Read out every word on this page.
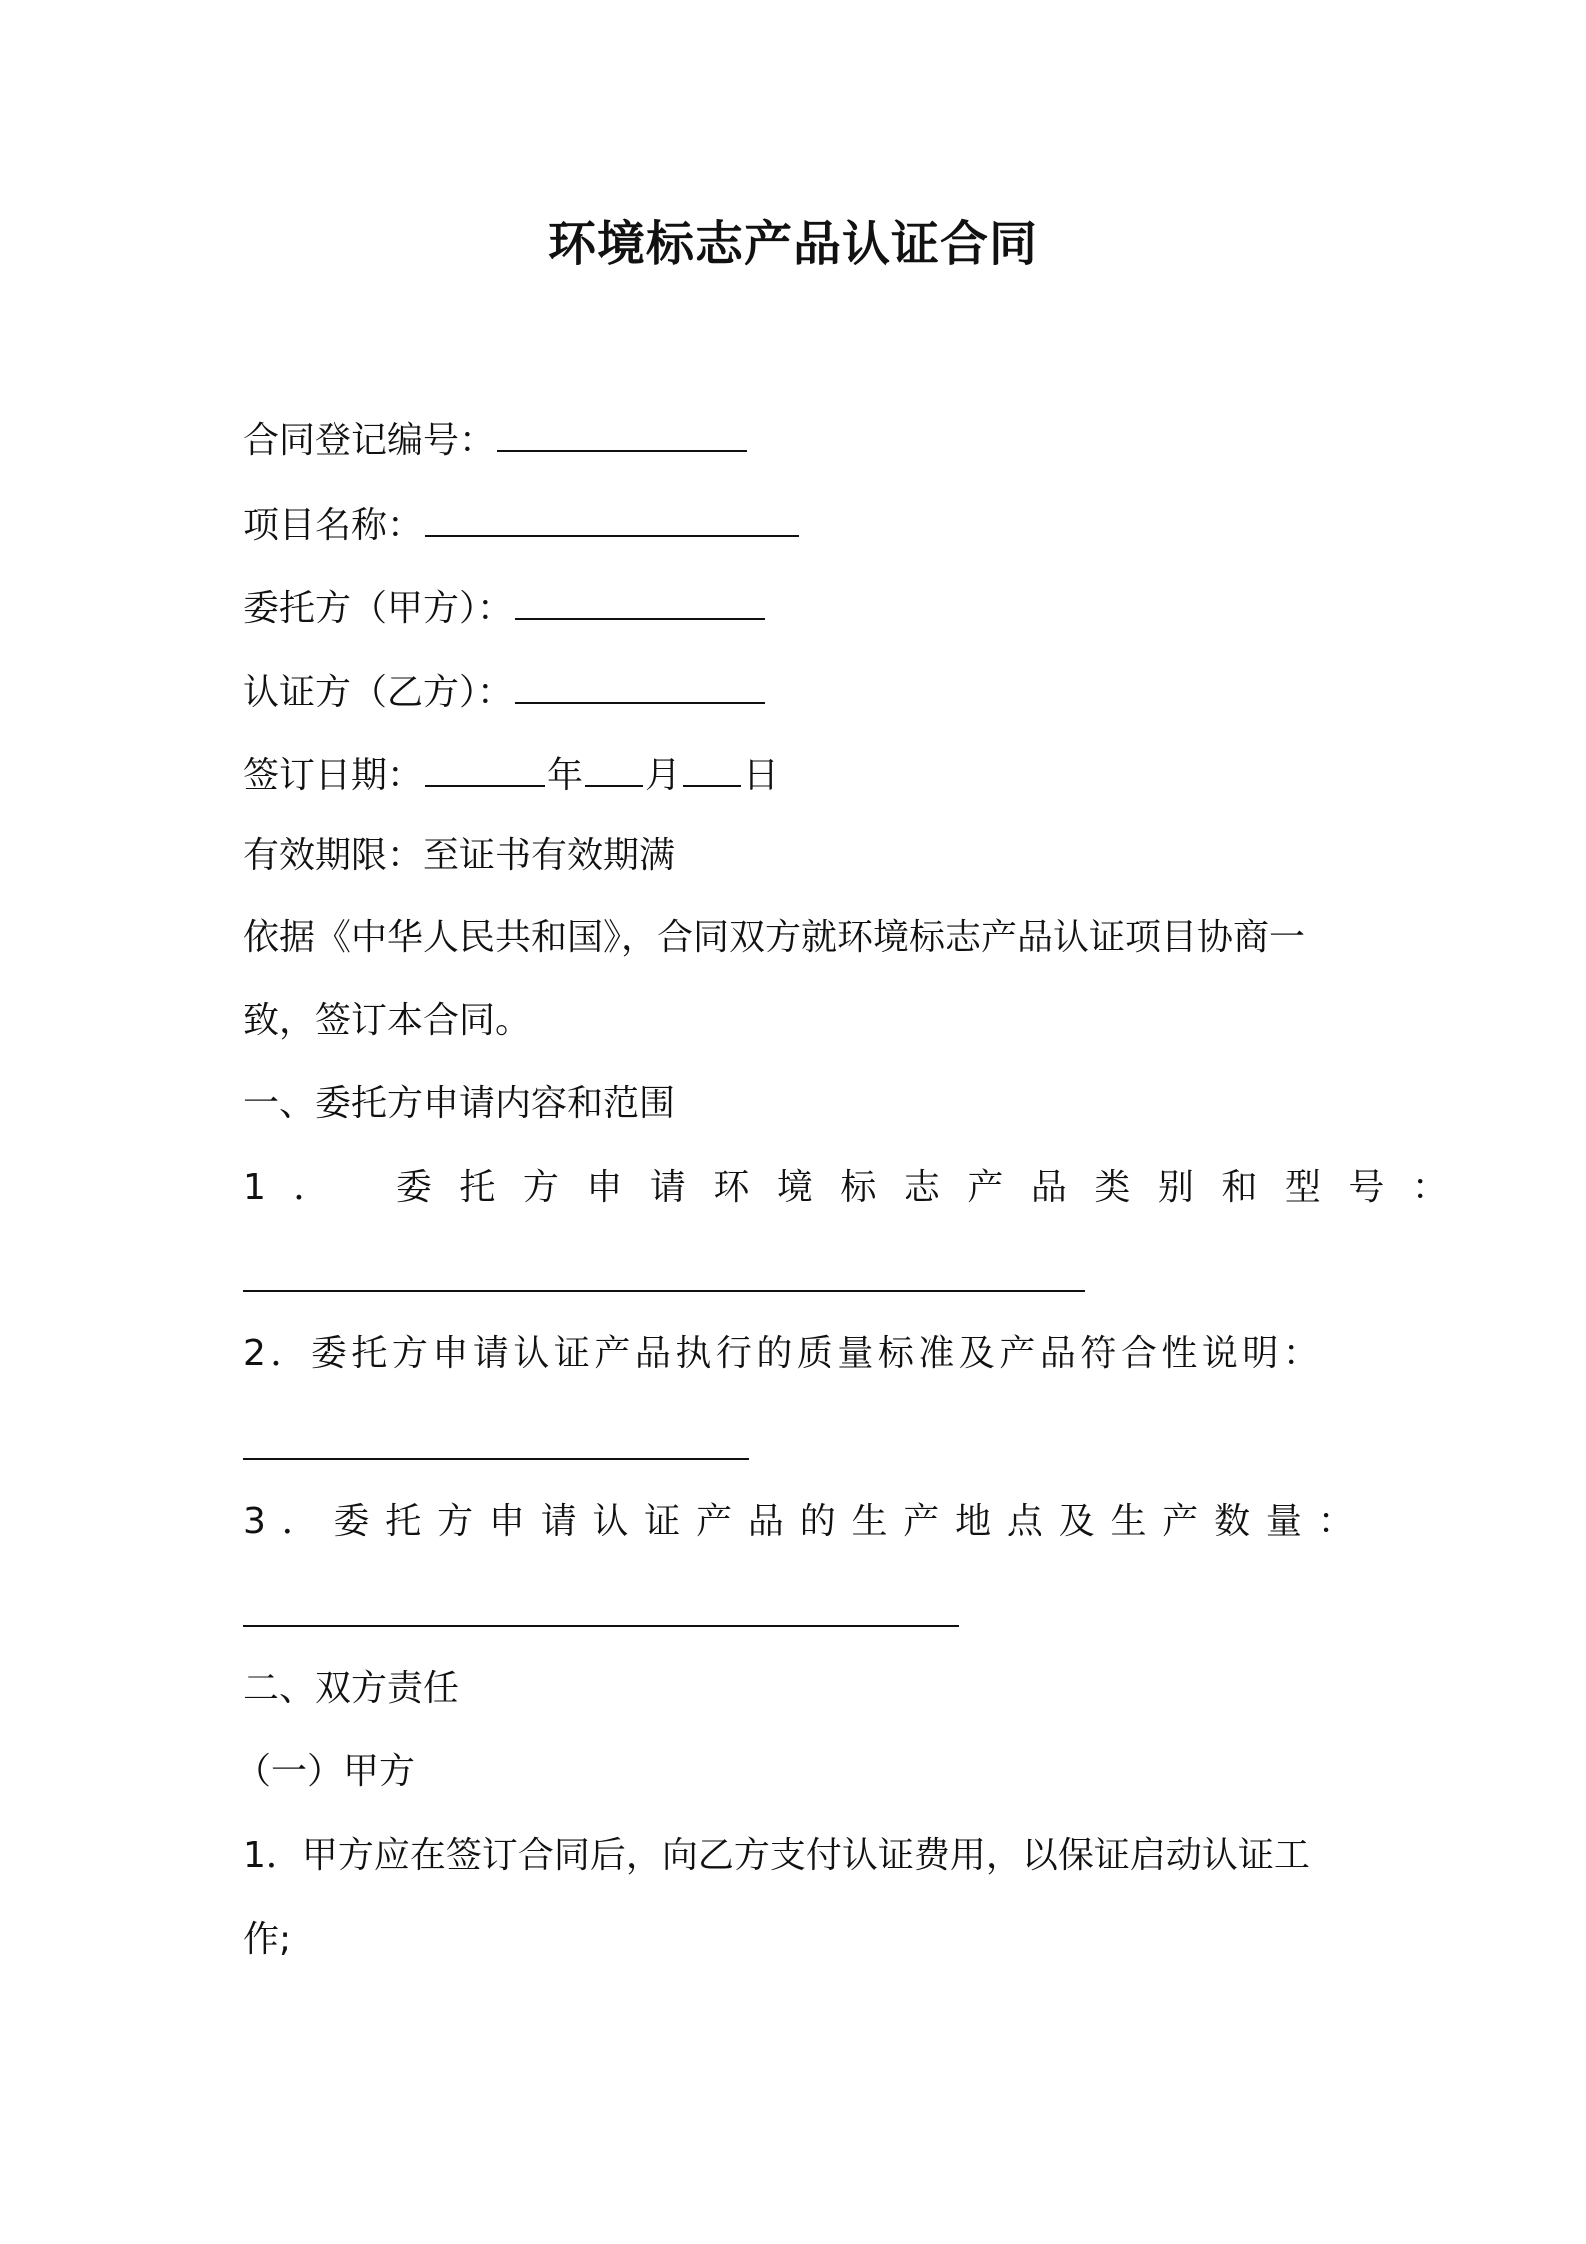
环境标志产品认证合同
合同登记编号：
项目名称：
委托方（甲方）：
认证方（乙方）：
签订日期：	年 月 日
有效期限：至证书有效期满
依据《中华人民共和国》，合同双方就环境标志产品认证项目协商一
致，签订本合同。
一、委托方申请内容和范围
1． 委托方申请环境标志产品类别和型号：
2．委托方申请认证产品执行的质量标准及产品符合性说明：
3．委托方申请认证产品的生产地点及生产数量：
二、双方责任
（一）甲方
1．甲方应在签订合同后，向乙方支付认证费用，以保证启动认证工
作;
